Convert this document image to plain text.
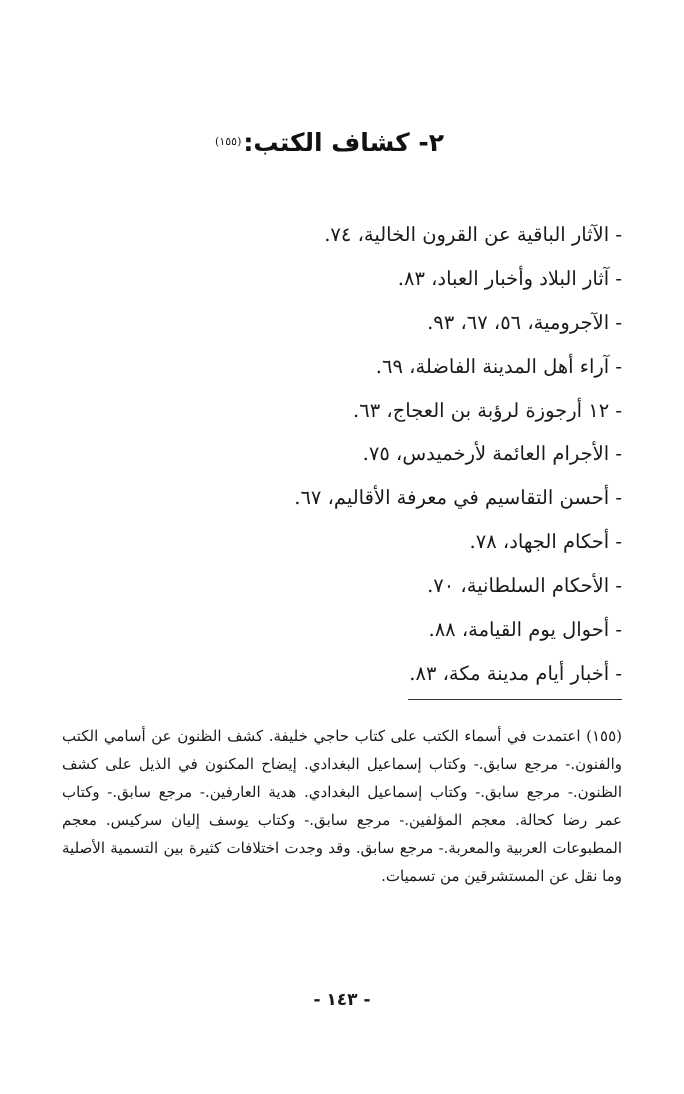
٢- كشاف الكتب:$^{(١٥٥)}$
- الآثار الباقية عن القرون الخالية، ٧٤.
- آثار البلاد وأخبار العباد، ٨٣.
- الآجرومية، ٥٦، ٦٧، ٩٣.
- آراء أهل المدينة الفاضلة، ٦٩.
- ١٢ أرجوزة لرؤبة بن العجاج، ٦٣.
- الأجرام العائمة لأرخميدس، ٧٥.
- أحسن التقاسيم في معرفة الأقاليم، ٦٧.
- أحكام الجهاد، ٧٨.
- الأحكام السلطانية، ٧٠.
- أحوال يوم القيامة، ٨٨.
- أخبار أيام مدينة مكة، ٨٣.

(١٥٥) اعتمدت في أسماء الكتب على كتاب حاجي خليفة. كشف الظنون عن أسامي الكتب والفنون.- مرجع سابق.- وكتاب إسماعيل البغدادي. إيضاح المكنون في الذيل على كشف الظنون.- مرجع سابق.- وكتاب إسماعيل البغدادي. هدية العارفين.- مرجع سابق.- وكتاب عمر رضا كحالة. معجم المؤلفين.- مرجع سابق.- وكتاب يوسف إليان سركيس. معجم المطبوعات العربية والمعربة.- مرجع سابق. وقد وجدت اختلافات كثيرة بين التسمية الأصلية وما نقل عن المستشرقين من تسميات.

- ١٤٣ -
